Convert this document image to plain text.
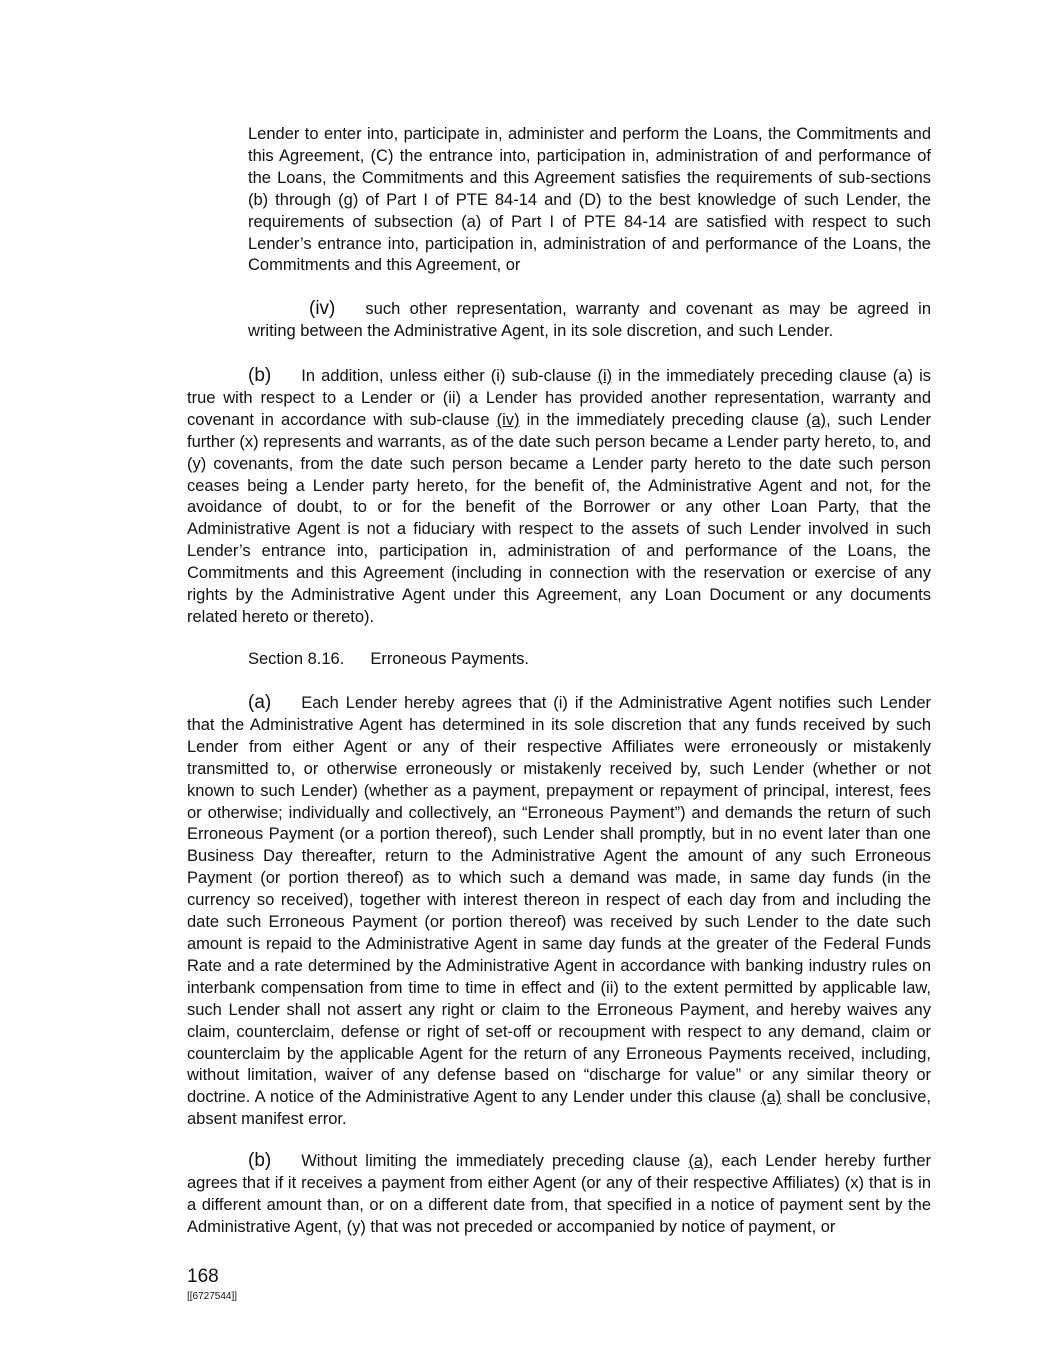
Lender to enter into, participate in, administer and perform the Loans, the Commitments and this Agreement, (C) the entrance into, participation in, administration of and performance of the Loans, the Commitments and this Agreement satisfies the requirements of sub-sections (b) through (g) of Part I of PTE 84-14 and (D) to the best knowledge of such Lender, the requirements of subsection (a) of Part I of PTE 84-14 are satisfied with respect to such Lender’s entrance into, participation in, administration of and performance of the Loans, the Commitments and this Agreement, or

(iv) such other representation, warranty and covenant as may be agreed in writing between the Administrative Agent, in its sole discretion, and such Lender.

(b) In addition, unless either (i) sub-clause (i) in the immediately preceding clause (a) is true with respect to a Lender or (ii) a Lender has provided another representation, warranty and covenant in accordance with sub-clause (iv) in the immediately preceding clause (a), such Lender further (x) represents and warrants, as of the date such person became a Lender party hereto, to, and (y) covenants, from the date such person became a Lender party hereto to the date such person ceases being a Lender party hereto, for the benefit of, the Administrative Agent and not, for the avoidance of doubt, to or for the benefit of the Borrower or any other Loan Party, that the Administrative Agent is not a fiduciary with respect to the assets of such Lender involved in such Lender’s entrance into, participation in, administration of and performance of the Loans, the Commitments and this Agreement (including in connection with the reservation or exercise of any rights by the Administrative Agent under this Agreement, any Loan Document or any documents related hereto or thereto).

Section 8.16. Erroneous Payments.

(a) Each Lender hereby agrees that (i) if the Administrative Agent notifies such Lender that the Administrative Agent has determined in its sole discretion that any funds received by such Lender from either Agent or any of their respective Affiliates were erroneously or mistakenly transmitted to, or otherwise erroneously or mistakenly received by, such Lender (whether or not known to such Lender) (whether as a payment, prepayment or repayment of principal, interest, fees or otherwise; individually and collectively, an “Erroneous Payment”) and demands the return of such Erroneous Payment (or a portion thereof), such Lender shall promptly, but in no event later than one Business Day thereafter, return to the Administrative Agent the amount of any such Erroneous Payment (or portion thereof) as to which such a demand was made, in same day funds (in the currency so received), together with interest thereon in respect of each day from and including the date such Erroneous Payment (or portion thereof) was received by such Lender to the date such amount is repaid to the Administrative Agent in same day funds at the greater of the Federal Funds Rate and a rate determined by the Administrative Agent in accordance with banking industry rules on interbank compensation from time to time in effect and (ii) to the extent permitted by applicable law, such Lender shall not assert any right or claim to the Erroneous Payment, and hereby waives any claim, counterclaim, defense or right of set-off or recoupment with respect to any demand, claim or counterclaim by the applicable Agent for the return of any Erroneous Payments received, including, without limitation, waiver of any defense based on “discharge for value” or any similar theory or doctrine. A notice of the Administrative Agent to any Lender under this clause (a) shall be conclusive, absent manifest error.

(b) Without limiting the immediately preceding clause (a), each Lender hereby further agrees that if it receives a payment from either Agent (or any of their respective Affiliates) (x) that is in a different amount than, or on a different date from, that specified in a notice of payment sent by the Administrative Agent, (y) that was not preceded or accompanied by notice of payment, or

168

[[6727544]]
